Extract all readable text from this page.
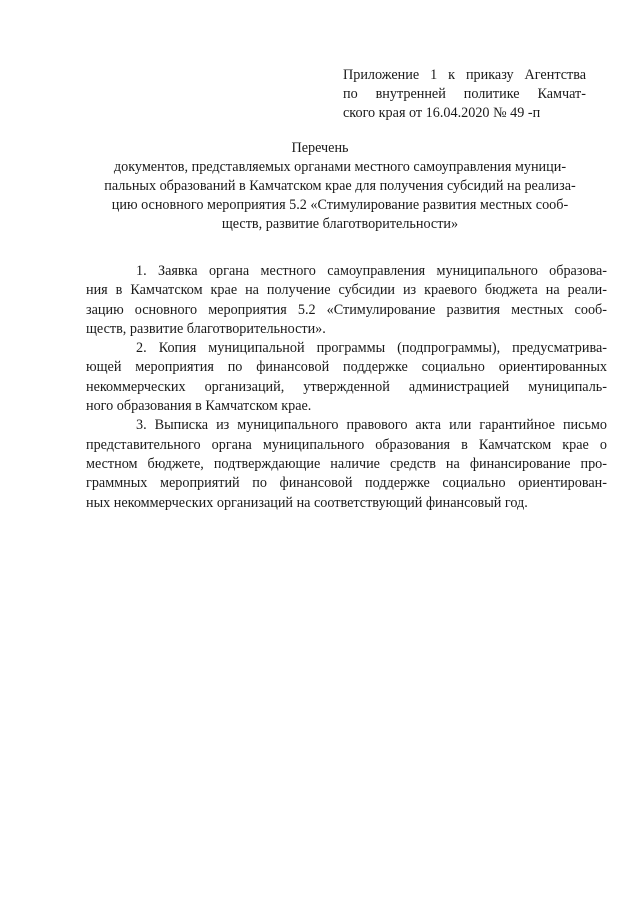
Приложение 1 к приказу Агентства
по внутренней политике Камчат-
ского края от 16.04.2020 № 49 -п
Перечень
документов, представляемых органами местного самоуправления муници-
пальных образований в Камчатском крае для получения субсидий на реализа-
цию основного мероприятия 5.2 «Стимулирование развития местных сооб-
ществ, развитие благотворительности»
1. Заявка органа местного самоуправления муниципального образова-
ния в Камчатском крае на получение субсидии из краевого бюджета на реали-
зацию основного мероприятия 5.2 «Стимулирование развития местных сооб-
ществ, развитие благотворительности».
2. Копия муниципальной программы (подпрограммы), предусматрива-
ющей мероприятия по финансовой поддержке социально ориентированных
некоммерческих организаций, утвержденной администрацией муниципаль-
ного образования в Камчатском крае.
3. Выписка из муниципального правового акта или гарантийное письмо
представительного органа муниципального образования в Камчатском крае о
местном бюджете, подтверждающие наличие средств на финансирование про-
граммных мероприятий по финансовой поддержке социально ориентирован-
ных некоммерческих организаций на соответствующий финансовый год.
